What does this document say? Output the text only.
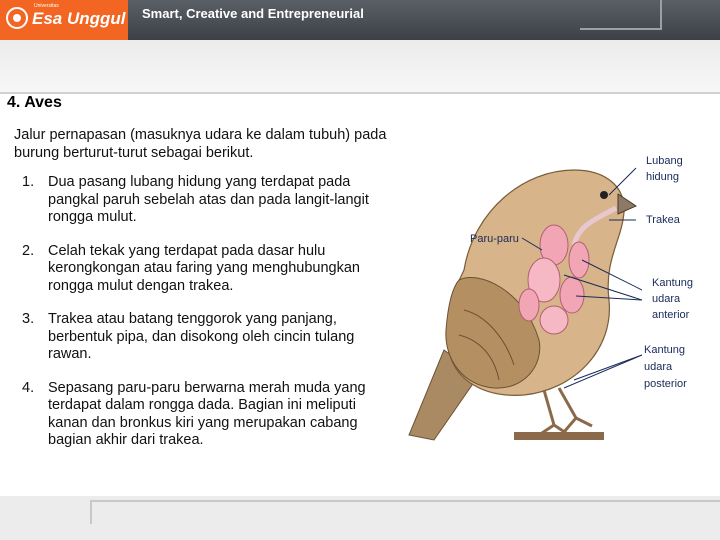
Universitas
Esa Unggul Smart, Creative and Entrepreneurial
4. Aves
Jalur pernapasan (masuknya udara ke dalam tubuh) pada burung berturut-turut sebagai berikut.
1. Dua pasang lubang hidung yang terdapat pada pangkal paruh sebelah atas dan pada langit-langit rongga mulut.
2. Celah tekak yang terdapat pada dasar hulu kerongkongan atau faring yang menghubungkan rongga mulut dengan trakea.
3. Trakea atau batang tenggorok yang panjang, berbentuk pipa, dan disokong oleh cincin tulang rawan.
4. Sepasang paru-paru berwarna merah muda yang terdapat dalam rongga dada. Bagian ini meliputi kanan dan bronkus kiri yang merupakan cabang bagian akhir dari trakea.
Paru-paru
Lubang
hidung
Trakea
Kantung
udara
anterior
Kantung
udara
posterior
